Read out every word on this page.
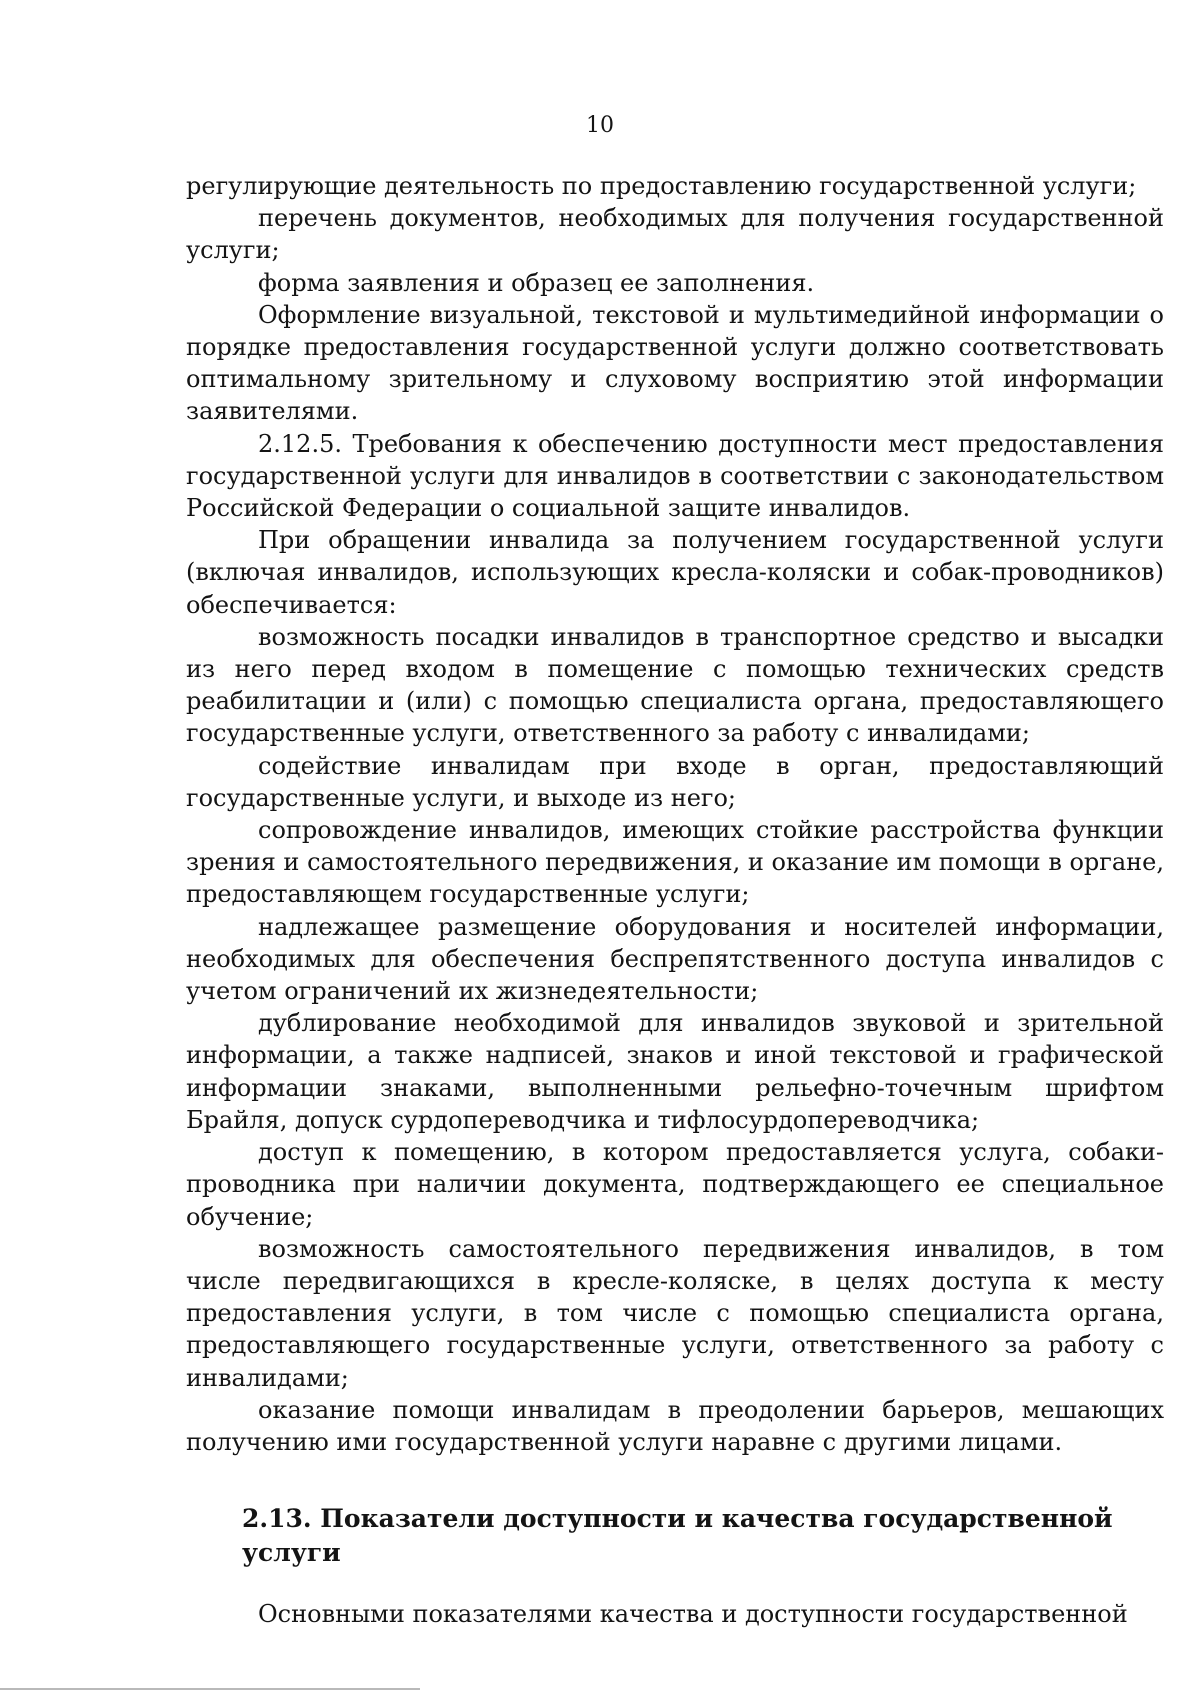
10

регулирующие деятельность по предоставлению государственной услуги;

перечень документов, необходимых для получения государственной услуги;

форма заявления и образец ее заполнения.

Оформление визуальной, текстовой и мультимедийной информации о порядке предоставления государственной услуги должно соответствовать оптимальному зрительному и слуховому восприятию этой информации заявителями.

2.12.5. Требования к обеспечению доступности мест предоставления государственной услуги для инвалидов в соответствии с законодательством Российской Федерации о социальной защите инвалидов.

При обращении инвалида за получением государственной услуги (включая инвалидов, использующих кресла-коляски и собак-проводников) обеспечивается:

возможность посадки инвалидов в транспортное средство и высадки из него перед входом в помещение с помощью технических средств реабилитации и (или) с помощью специалиста органа, предоставляющего государственные услуги, ответственного за работу с инвалидами;

содействие инвалидам при входе в орган, предоставляющий государственные услуги, и выходе из него;

сопровождение инвалидов, имеющих стойкие расстройства функции зрения и самостоятельного передвижения, и оказание им помощи в органе, предоставляющем государственные услуги;

надлежащее размещение оборудования и носителей информации, необходимых для обеспечения беспрепятственного доступа инвалидов с учетом ограничений их жизнедеятельности;

дублирование необходимой для инвалидов звуковой и зрительной информации, а также надписей, знаков и иной текстовой и графической информации знаками, выполненными рельефно-точечным шрифтом Брайля, допуск сурдопереводчика и тифлосурдопереводчика;

доступ к помещению, в котором предоставляется услуга, собаки-проводника при наличии документа, подтверждающего ее специальное обучение;

возможность самостоятельного передвижения инвалидов, в том числе передвигающихся в кресле-коляске, в целях доступа к месту предоставления услуги, в том числе с помощью специалиста органа, предоставляющего государственные услуги, ответственного за работу с инвалидами;

оказание помощи инвалидам в преодолении барьеров, мешающих получению ими государственной услуги наравне с другими лицами.

2.13. Показатели доступности и качества государственной услуги

Основными показателями качества и доступности государственной
